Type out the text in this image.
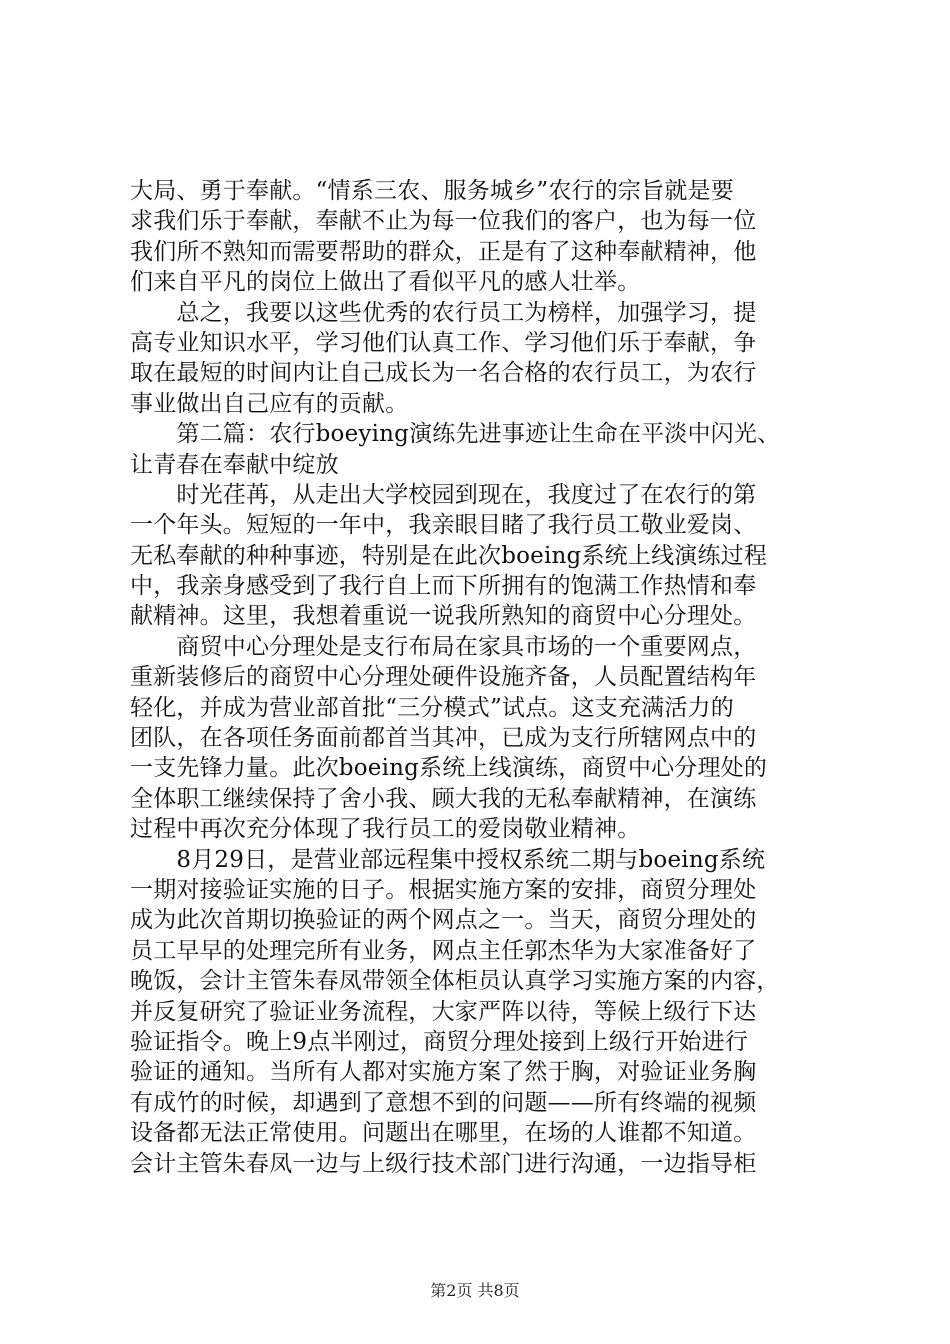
大局、勇于奉献。“情系三农、服务城乡”农行的宗旨就是要
求我们乐于奉献，奉献不止为每一位我们的客户，也为每一位
我们所不熟知而需要帮助的群众，正是有了这种奉献精神，他
们来自平凡的岗位上做出了看似平凡的感人壮举。
　　总之，我要以这些优秀的农行员工为榜样，加强学习，提
高专业知识水平，学习他们认真工作、学习他们乐于奉献，争
取在最短的时间内让自己成长为一名合格的农行员工，为农行
事业做出自己应有的贡献。
　　第二篇：农行boeying演练先进事迹让生命在平淡中闪光、
让青春在奉献中绽放
　　时光荏苒，从走出大学校园到现在，我度过了在农行的第
一个年头。短短的一年中，我亲眼目睹了我行员工敬业爱岗、
无私奉献的种种事迹，特别是在此次boeing系统上线演练过程
中，我亲身感受到了我行自上而下所拥有的饱满工作热情和奉
献精神。这里，我想着重说一说我所熟知的商贸中心分理处。
　　商贸中心分理处是支行布局在家具市场的一个重要网点，
重新装修后的商贸中心分理处硬件设施齐备，人员配置结构年
轻化，并成为营业部首批“三分模式”试点。这支充满活力的
团队，在各项任务面前都首当其冲，已成为支行所辖网点中的
一支先锋力量。此次boeing系统上线演练，商贸中心分理处的
全体职工继续保持了舍小我、顾大我的无私奉献精神，在演练
过程中再次充分体现了我行员工的爱岗敬业精神。
　　8月29日，是营业部远程集中授权系统二期与boeing系统
一期对接验证实施的日子。根据实施方案的安排，商贸分理处
成为此次首期切换验证的两个网点之一。当天，商贸分理处的
员工早早的处理完所有业务，网点主任郭杰华为大家准备好了
晚饭，会计主管朱春凤带领全体柜员认真学习实施方案的内容，
并反复研究了验证业务流程，大家严阵以待，等候上级行下达
验证指令。晚上9点半刚过，商贸分理处接到上级行开始进行
验证的通知。当所有人都对实施方案了然于胸，对验证业务胸
有成竹的时候，却遇到了意想不到的问题——所有终端的视频
设备都无法正常使用。问题出在哪里，在场的人谁都不知道。
会计主管朱春凤一边与上级行技术部门进行沟通，一边指导柜
第2页 共8页
